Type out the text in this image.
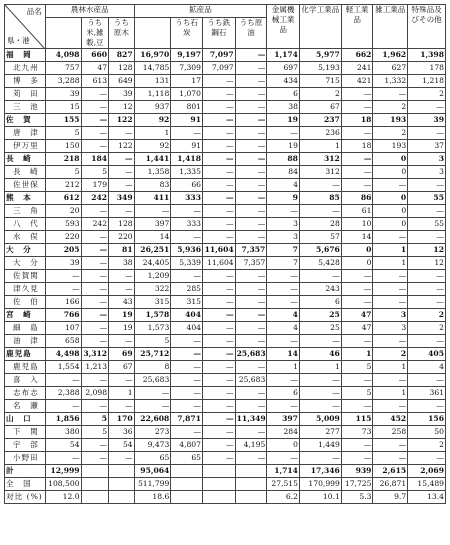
品名
県・港	農林水産品			鉱産品				金属機械工業品	化学工業品	軽工業品	雑工業品	特殊品及びその他
		うち米,雑穀,豆	うち原木		うち石炭	うち鉄鋼石	うち原油					
福　岡	4,098	660	827	16,970	9,197	7,097	—	1,174	5,977	662	1,962	1,398
北九州	757	47	128	14,785	7,309	7,097	—	697	5,193	241	627	178
博　多	3,288	613	649	131	17	—	—	434	715	421	1,332	1,218
苅　田	39	—	39	1,118	1,070	—	—	6	2	—	—	2
三　池	15	—	12	937	801	—	—	38	67	—	2	—
佐　賀	155	—	122	92	91	—	—	19	237	18	193	39
唐　津	5	—	—	1	—	—	—	—	236	—	2	—
伊万里	150	—	122	92	91	—	—	19	1	18	193	37
長　崎	218	184	—	1,441	1,418	—	—	88	312	—	0	3
長　崎	5	5	—	1,358	1,335	—	—	84	312	—	0	3
佐世保	212	179	—	83	66	—	—	4	—	—	—	—
熊　本	612	242	349	411	333	—	—	9	85	86	0	55
三　角	20	—	—	—	—	—	—	—	—	61	0	—
八　代	593	242	128	397	333	—	—	3	28	10	0	55
水　俣	220	—	220	14	—	—	—	3	57	14	—	—
大　分	205	—	81	26,251	5,936	11,604	7,357	7	5,676	0	1	12
大　分	39	—	38	24,405	5,339	11,604	7,357	7	5,428	0	1	12
佐賀関	—	—	—	1,209	—	—	—	—	—	—	—	—
津久見	—	—	—	322	285	—	—	—	243	—	—	—
佐　伯	166	—	43	315	315	—	—	—	6	—	—	—
宮　崎	766	—	19	1,578	404	—	—	4	25	47	3	2
細　島	107	—	19	1,573	404	—	—	4	25	47	3	2
油　津	658	—	—	5	—	—	—	—	—	—	—	—
鹿児島	4,498	3,312	69	25,712	—	—	25,683	14	46	1	2	405
鹿児島	1,554	1,213	67	8	—	—	—	1	1	5	1	4
喜　入	—	—	—	25,683	—	—	25,683	—	—	—	—	—
志布志	2,388	2,098	1	—	—	—	—	6	—	5	1	361
名　瀬	—	—	—	—	—	—	—	—	—	—	—	—
山　口	1,856	5	170	22,608	7,871	—	11,349	397	5,009	115	452	156
下　関	380	5	36	273	—	—	—	284	277	73	258	50
宇　部	54	—	54	9,473	4,807	—	4,195	0	1,449	—	—	2
小野田	—	—	—	65	65	—	—	—	—	—	—	—
計	12,999			95,064				1,714	17,346	939	2,615	2,069
全　国	108,500			511,799				27,515	170,999	17,725	26,871	15,489
対比 (%)	12.0			18.6				6.2	10.1	5.3	9.7	13.4
